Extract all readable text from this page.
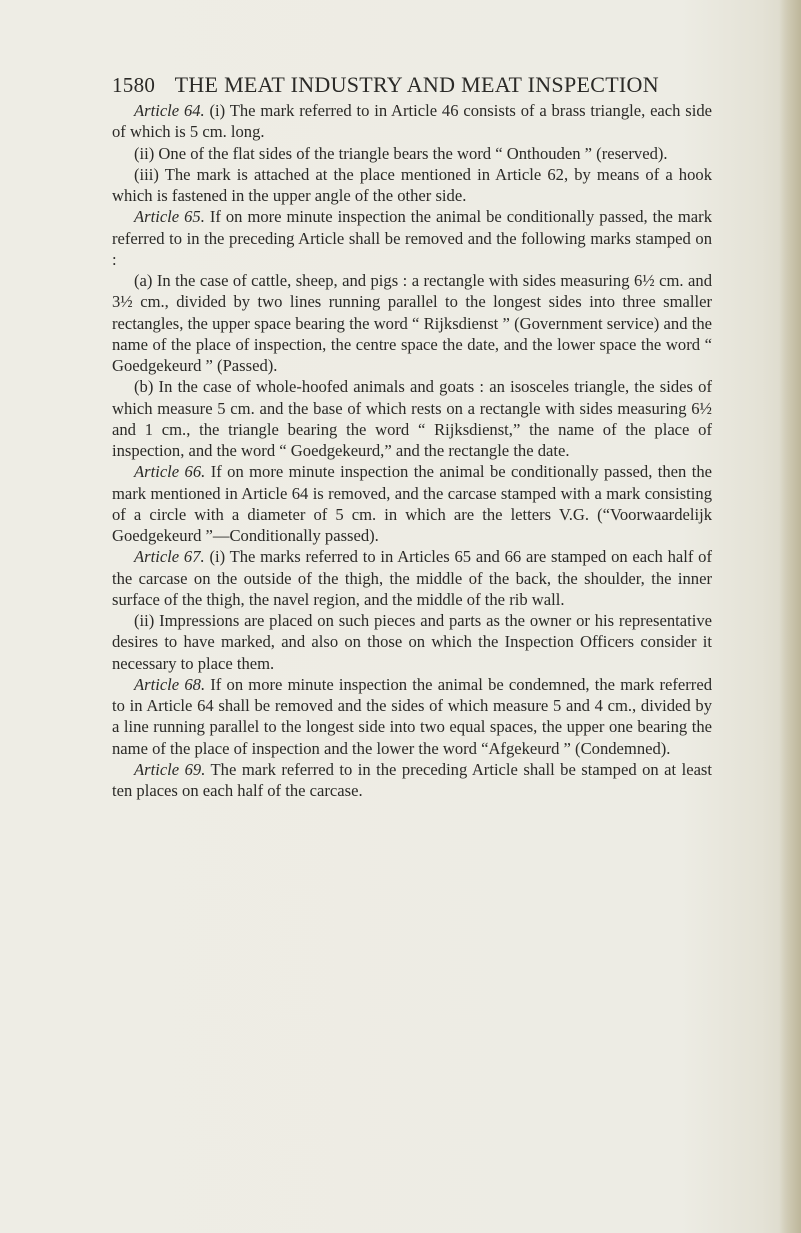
1580 THE MEAT INDUSTRY AND MEAT INSPECTION

Article 64. (i) The mark referred to in Article 46 consists of a brass triangle, each side of which is 5 cm. long.

(ii) One of the flat sides of the triangle bears the word “ Onthouden ” (reserved).

(iii) The mark is attached at the place mentioned in Article 62, by means of a hook which is fastened in the upper angle of the other side.

Article 65. If on more minute inspection the animal be conditionally passed, the mark referred to in the preceding Article shall be removed and the following marks stamped on :

(a) In the case of cattle, sheep, and pigs : a rectangle with sides measuring 6½ cm. and 3½ cm., divided by two lines running parallel to the longest sides into three smaller rectangles, the upper space bearing the word “ Rijksdienst ” (Government service) and the name of the place of inspection, the centre space the date, and the lower space the word “ Goedgekeurd ” (Passed).

(b) In the case of whole-hoofed animals and goats : an isosceles triangle, the sides of which measure 5 cm. and the base of which rests on a rectangle with sides measuring 6½ and 1 cm., the triangle bearing the word “ Rijksdienst,” the name of the place of inspection, and the word “ Goedgekeurd,” and the rectangle the date.

Article 66. If on more minute inspection the animal be conditionally passed, then the mark mentioned in Article 64 is removed, and the carcase stamped with a mark consisting of a circle with a diameter of 5 cm. in which are the letters V.G. (“Voorwaardelijk Goedgekeurd ”—Conditionally passed).

Article 67. (i) The marks referred to in Articles 65 and 66 are stamped on each half of the carcase on the outside of the thigh, the middle of the back, the shoulder, the inner surface of the thigh, the navel region, and the middle of the rib wall.

(ii) Impressions are placed on such pieces and parts as the owner or his representative desires to have marked, and also on those on which the Inspection Officers consider it necessary to place them.

Article 68. If on more minute inspection the animal be condemned, the mark referred to in Article 64 shall be removed and the sides of which measure 5 and 4 cm., divided by a line running parallel to the longest side into two equal spaces, the upper one bearing the name of the place of inspection and the lower the word “Afgekeurd ” (Condemned).

Article 69. The mark referred to in the preceding Article shall be stamped on at least ten places on each half of the carcase.
